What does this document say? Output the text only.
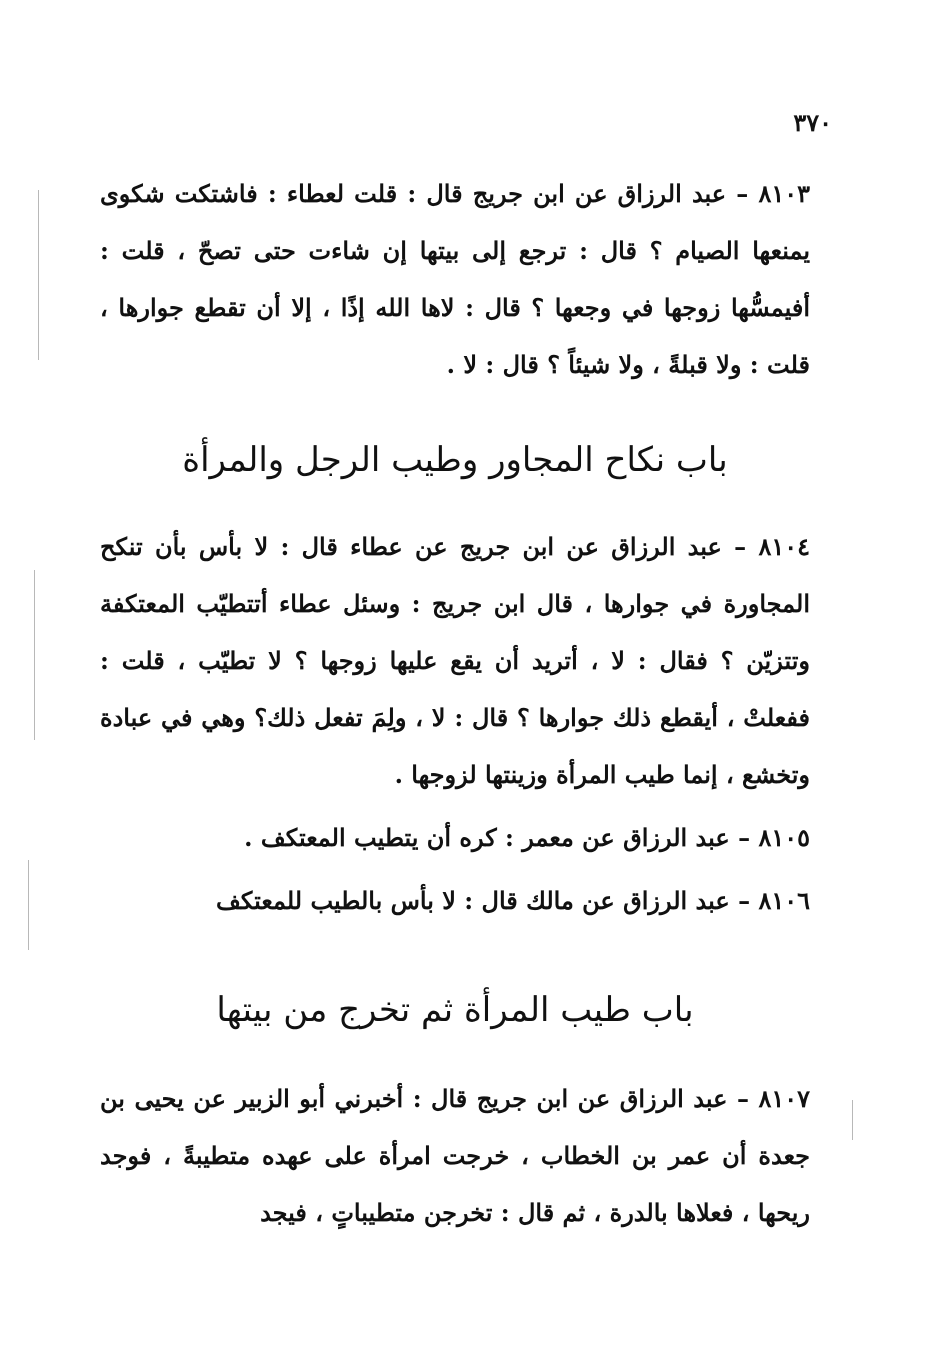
٣٧٠

٨١٠٣ – عبد الرزاق عن ابن جريج قال : قلت لعطاء : فاشتكت شكوى يمنعها الصيام ؟ قال : ترجع إلى بيتها إن شاءت حتى تصحّ ، قلت : أفيمسُّها زوجها في وجعها ؟ قال : لاها الله إذًا ، إلا أن تقطع جوارها ، قلت : ولا قبلةً ، ولا شيئاً ؟ قال : لا .

باب نكاح المجاور وطيب الرجل والمرأة

٨١٠٤ – عبد الرزاق عن ابن جريج عن عطاء قال : لا بأس بأن تنكح المجاورة في جوارها ، قال ابن جريج : وسئل عطاء أتتطيّب المعتكفة وتتزيّن ؟ فقال : لا ، أتريد أن يقع عليها زوجها ؟ لا تطيّب ، قلت : ففعلتْ ، أيقطع ذلك جوارها ؟ قال : لا ، ولِمَ تفعل ذلك؟ وهي في عبادة وتخشع ، إنما طيب المرأة وزينتها لزوجها .

٨١٠٥ – عبد الرزاق عن معمر : كره أن يتطيب المعتكف .

٨١٠٦ – عبد الرزاق عن مالك قال : لا بأس بالطيب للمعتكف

باب طيب المرأة ثم تخرج من بيتها

٨١٠٧ – عبد الرزاق عن ابن جريج قال : أخبرني أبو الزبير عن يحيى بن جعدة أن عمر بن الخطاب ، خرجت امرأة على عهده متطيبةً ، فوجد ريحها ، فعلاها بالدرة ، ثم قال : تخرجن متطيباتٍ ، فيجد
